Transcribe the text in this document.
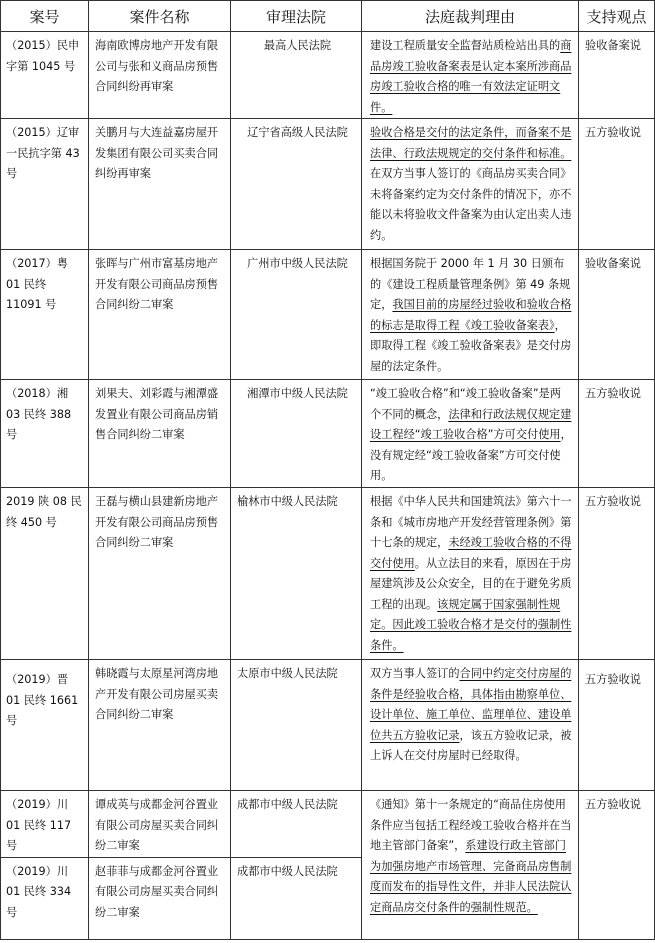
案号	案件名称	审理法院	法庭裁判理由	支持观点

（2015）民申字第 1045 号	海南欧博房地产开发有限公司与张和义商品房预售合同纠纷再审案	最高人民法院	建设工程质量安全监督站质检站出具的商品房竣工验收备案表是认定本案所涉商品房竣工验收合格的唯一有效法定证明文件。	验收备案说

（2015）辽审一民抗字第 43 号	关鹏月与大连益嘉房屋开发集团有限公司买卖合同纠纷再审案	辽宁省高级人民法院	验收合格是交付的法定条件，而备案不是法律、行政法规规定的交付条件和标准。在双方当事人签订的《商品房买卖合同》未将备案约定为交付条件的情况下，亦不能以未将验收文件备案为由认定出卖人违约。	五方验收说

（2017）粤 01 民终 11091 号	张晖与广州市富基房地产开发有限公司商品房预售合同纠纷二审案	广州市中级人民法院	根据国务院于 2000 年 1 月 30 日颁布的《建设工程质量管理条例》第 49 条规定，我国目前的房屋经过验收和验收合格的标志是取得工程《竣工验收备案表》，即取得工程《竣工验收备案表》是交付房屋的法定条件。	验收备案说

（2018）湘 03 民终 388 号	刘果夫、刘彩霞与湘潭盛发置业有限公司商品房销售合同纠纷二审案	湘潭市中级人民法院	“竣工验收合格”和“竣工验收备案”是两个不同的概念，法律和行政法规仅规定建设工程经“竣工验收合格”方可交付使用，没有规定经“竣工验收备案”方可交付使用。	五方验收说

2019 陕 08 民终 450 号	王磊与横山县建新房地产开发有限公司商品房预售合同纠纷二审案	榆林市中级人民法院	根据《中华人民共和国建筑法》第六十一条和《城市房地产开发经营管理条例》第十七条的规定，未经竣工验收合格的不得交付使用。从立法目的来看，原因在于房屋建筑涉及公众安全，目的在于避免劣质工程的出现。该规定属于国家强制性规定。因此竣工验收合格才是交付的强制性条件。	五方验收说

（2019）晋 01 民终 1661 号	韩晓霞与太原星河湾房地产开发有限公司房屋买卖合同纠纷二审案	太原市中级人民法院	双方当事人签订的合同中约定交付房屋的条件是经验收合格，具体指由勘察单位、设计单位、施工单位、监理单位、建设单位共五方验收记录，该五方验收记录，被上诉人在交付房屋时已经取得。	五方验收说

（2019）川 01 民终 117 号	谭成英与成都金河谷置业有限公司房屋买卖合同纠纷二审案	成都市中级人民法院	《通知》第十一条规定的“商品住房使用条件应当包括工程经竣工验收合格并在当地主管部门备案”，系建设行政主管部门为加强房地产市场管理、完备商品房售制度而发布的指导性文件，并非人民法院认定商品房交付条件的强制性规范。	五方验收说

（2019）川 01 民终 334 号	赵菲菲与成都金河谷置业有限公司房屋买卖合同纠纷二审案	成都市中级人民法院		
